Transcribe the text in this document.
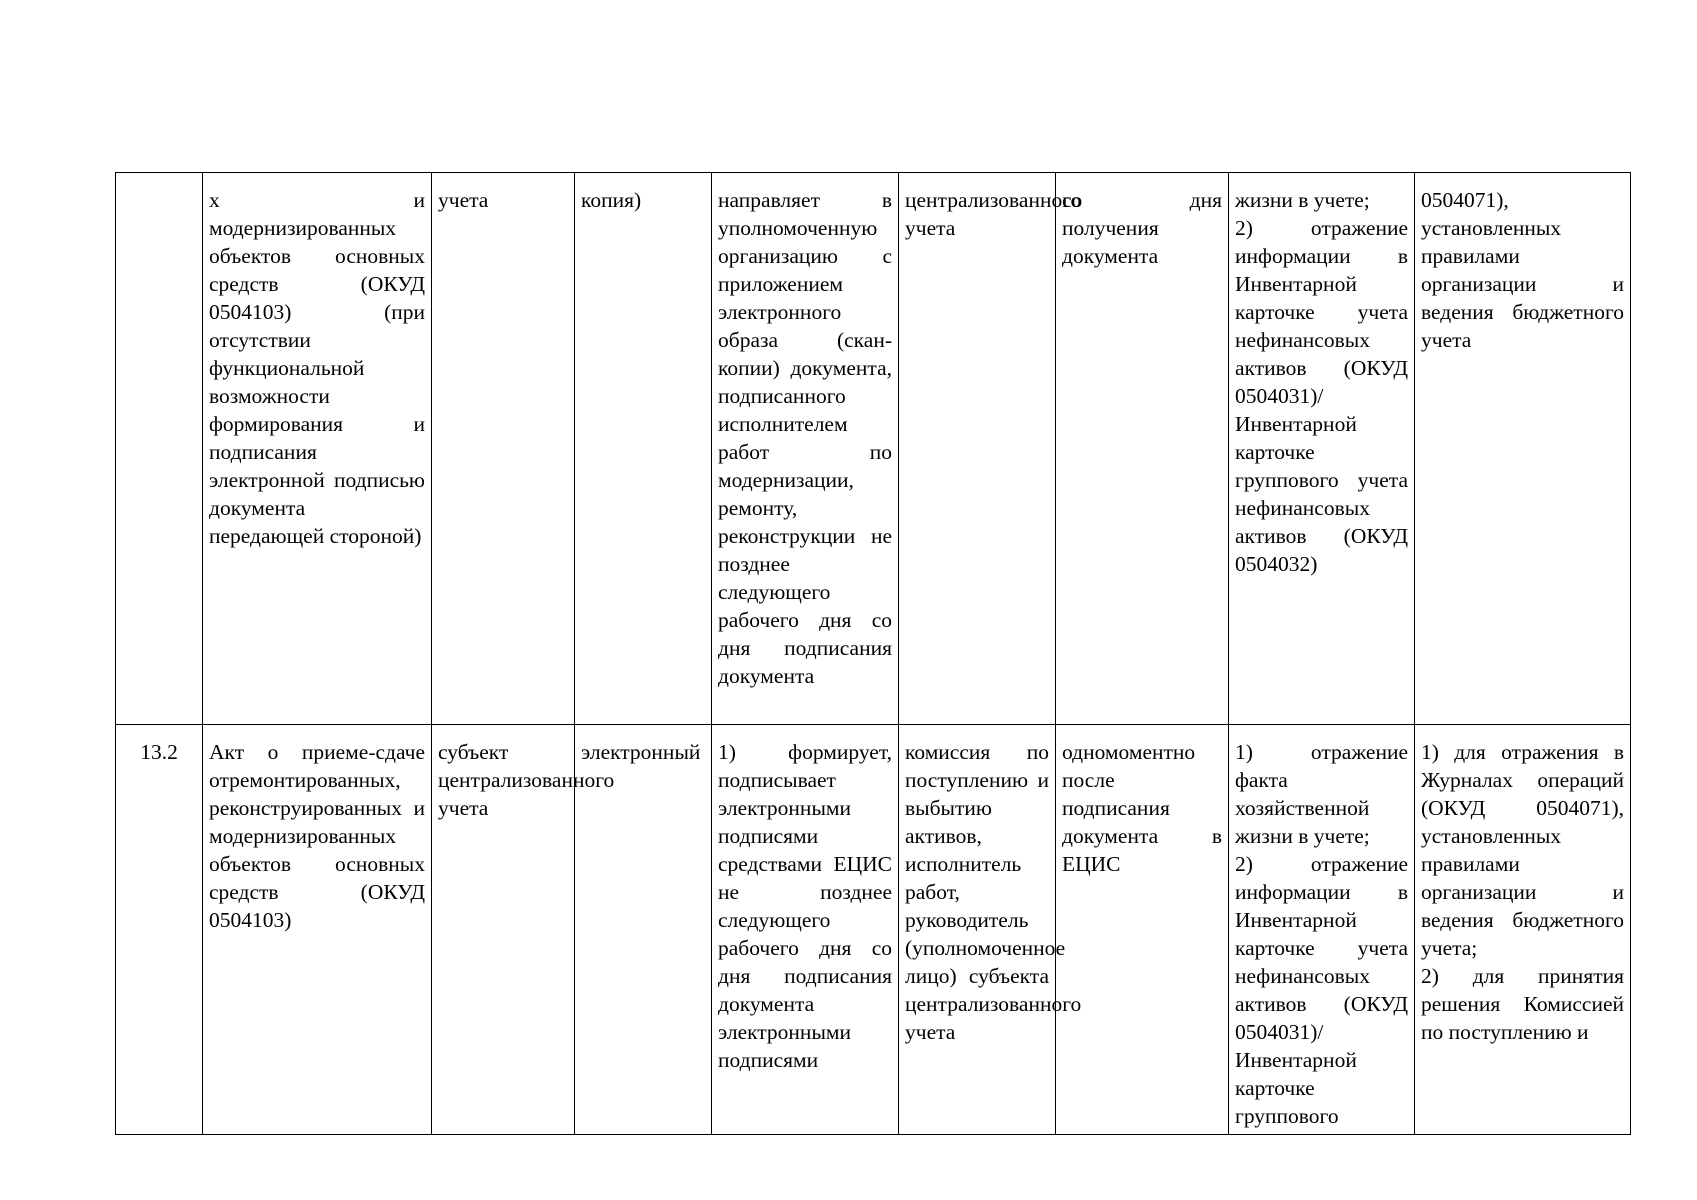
	х и модернизированных объектов основных средств (ОКУД 0504103) (при отсутствии функциональной возможности формирования и подписания электронной подписью документа передающей стороной)	учета	копия)	направляет в уполномоченную организацию с приложением электронного образа (скан-копии) документа, подписанного исполнителем работ по модернизации, ремонту, реконструкции не позднее следующего рабочего дня со дня подписания документа	централизованного учета	со дня получения документа	жизни в учете;
2) отражение информации в Инвентарной карточке учета нефинансовых активов (ОКУД 0504031)/Инвентарной карточке группового учета нефинансовых активов (ОКУД 0504032)	0504071), установленных правилами организации и ведения бюджетного учета

13.2	Акт о приеме-сдаче отремонтированных, реконструированных и модернизированных объектов основных средств (ОКУД 0504103)	субъект централизованного учета	электронный	1) формирует, подписывает электронными подписями средствами ЕЦИС не позднее следующего рабочего дня со дня подписания документа электронными подписями	комиссия по поступлению и выбытию активов, исполнитель работ, руководитель (уполномоченное лицо) субъекта централизованного учета	одномоментно после подписания документа в ЕЦИС	1) отражение факта хозяйственной жизни в учете;
2) отражение информации в Инвентарной карточке учета нефинансовых активов (ОКУД 0504031)/Инвентарной карточке группового	1) для отражения в Журналах операций (ОКУД 0504071), установленных правилами организации и ведения бюджетного учета;
2) для принятия решения Комиссией по поступлению и
